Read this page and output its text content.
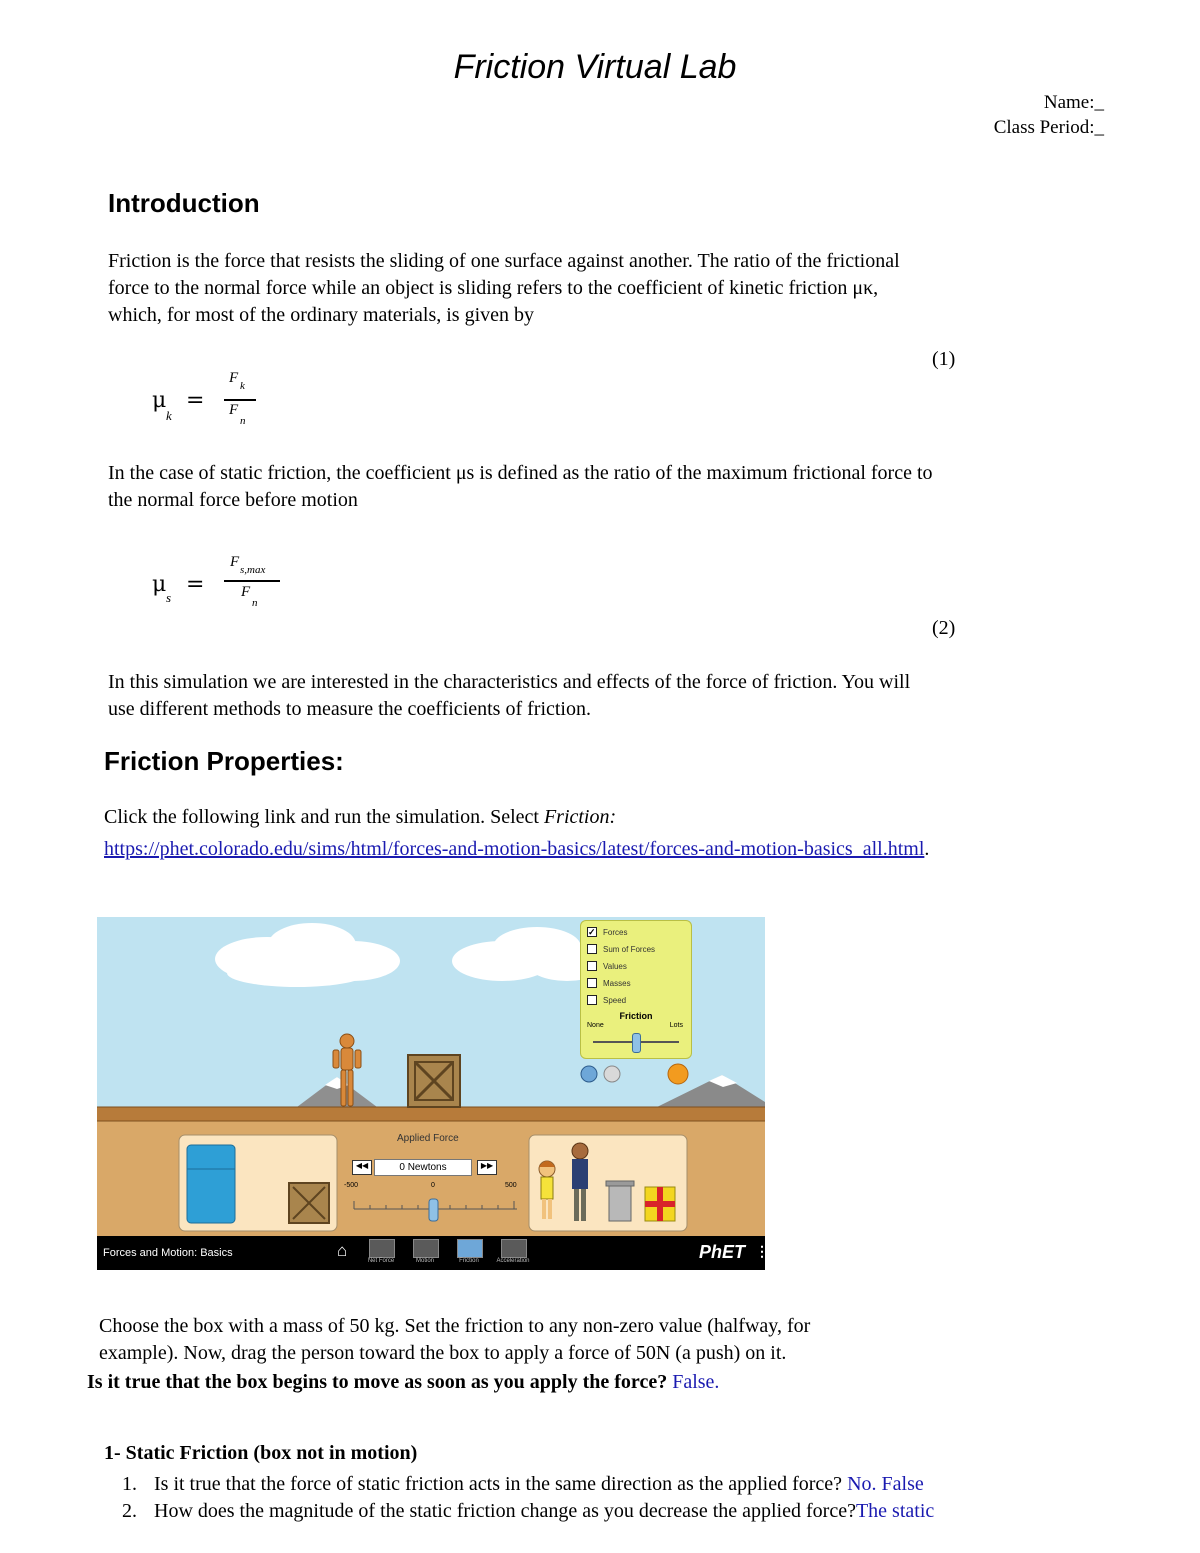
Friction Virtual Lab
Name:_
Class Period:_
Introduction
Friction is the force that resists the sliding of one surface against another. The ratio of the frictional
force to the normal force while an object is sliding refers to the coefficient of kinetic friction μκ,
which, for most of the ordinary materials, is given by
(1)
μ
k
=
F k
F
n
In the case of static friction, the coefficient μs is defined as the ratio of the maximum frictional force to
the normal force before motion
μ
s
=
F s,max
F
n
(2)
In this simulation we are interested in the characteristics and effects of the force of friction. You will
use different methods to measure the coefficients of friction.
Friction Properties:
Click the following link and run the simulation. Select Friction:
https://phet.colorado.edu/sims/html/forces-and-motion-basics/latest/forces-and-motion-basics_all.html.
✓ Forces
Sum of Forces
Values
Masses
Speed
Friction
None	Lots
Applied Force
◀◀	0 Newtons	▶▶
-500	0	500
Forces and Motion: Basics	⌂
Net Force	Motion	Friction	Acceleration	PhET ⋮
Choose the box with a mass of 50 kg. Set the friction to any non-zero value (halfway, for
example). Now, drag the person toward the box to apply a force of 50N (a push) on it.
Is it true that the box begins to move as soon as you apply the force? False.
1- Static Friction (box not in motion)
1. Is it true that the force of static friction acts in the same direction as the applied force? No. False
2. How does the magnitude of the static friction change as you decrease the applied force?The static
